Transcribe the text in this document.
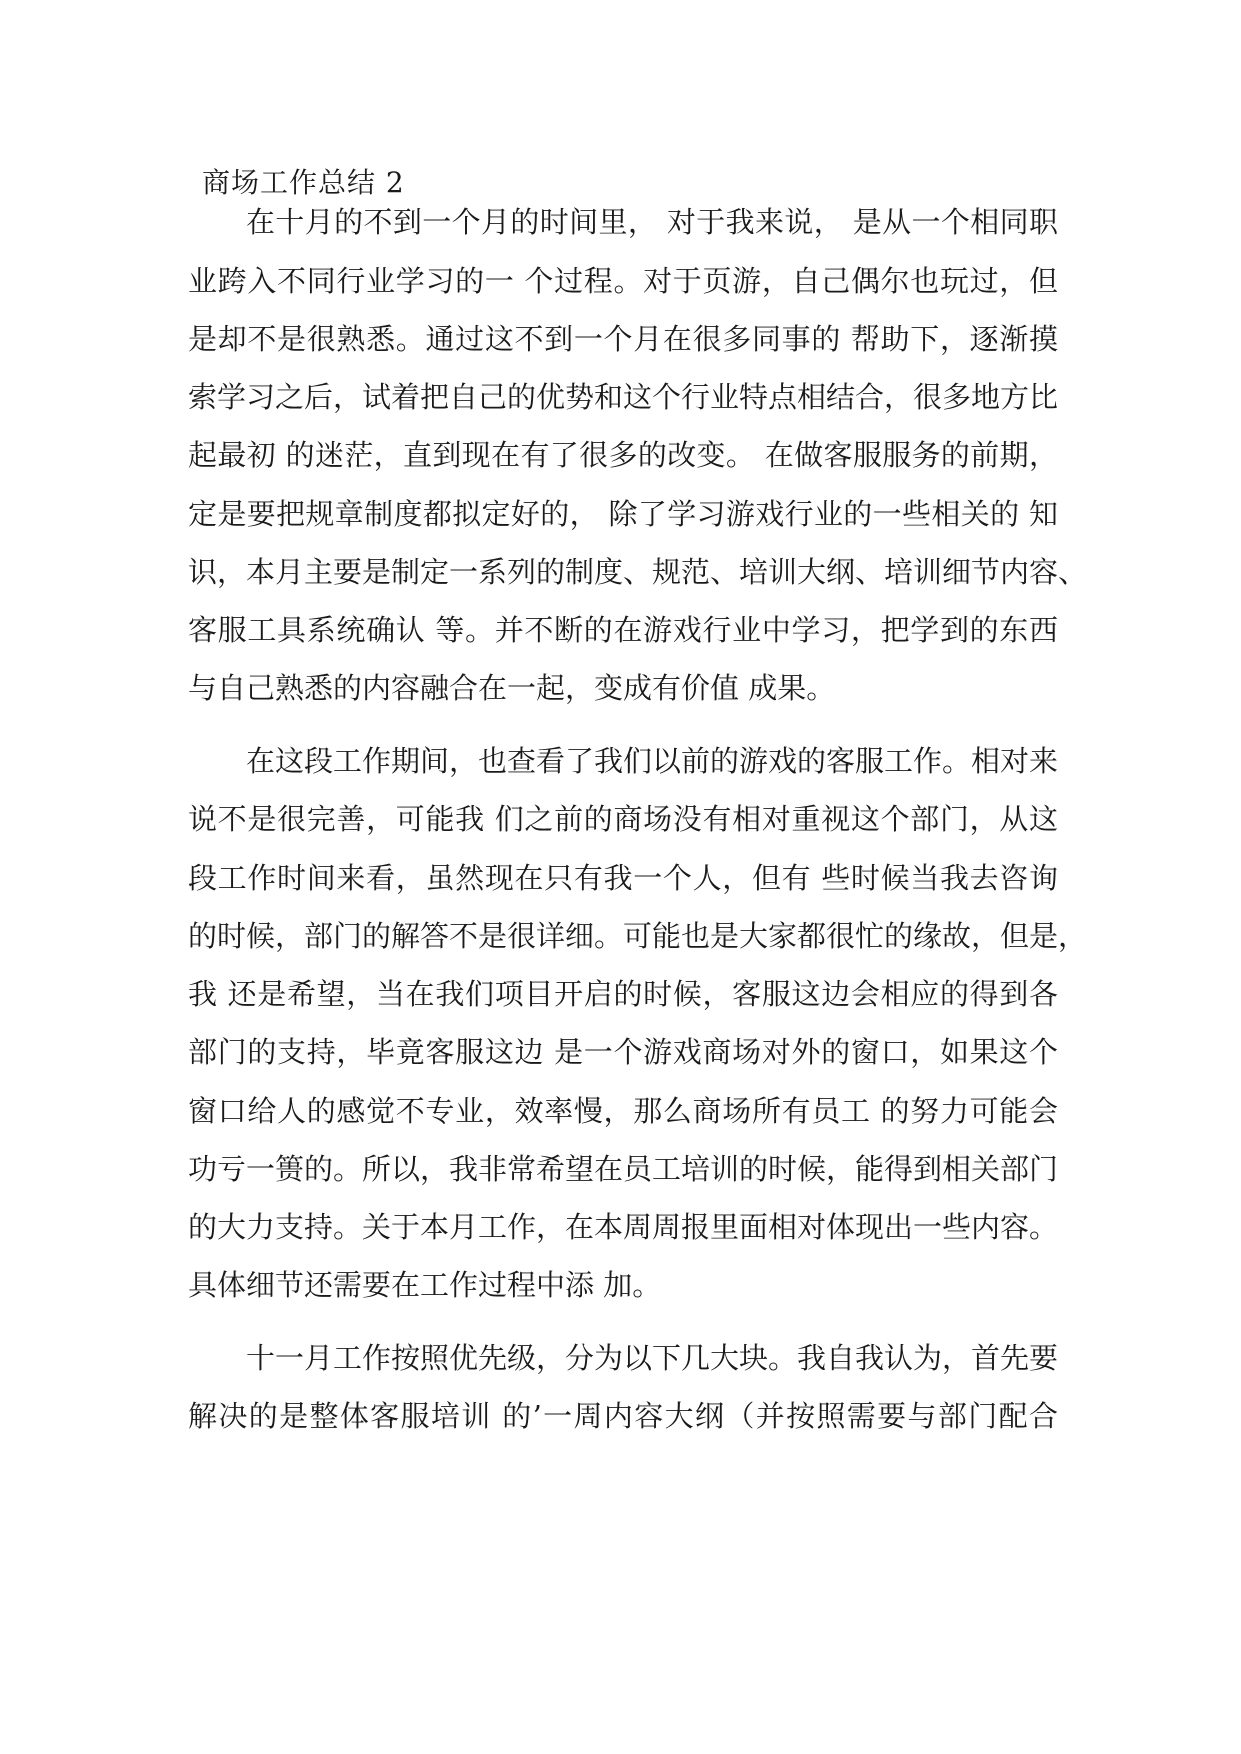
商场工作总结 2
在十月的不到一个月的时间里， 对于我来说， 是从一个相同职
业跨入不同行业学习的一 个过程。对于页游，自己偶尔也玩过，但
是却不是很熟悉。通过这不到一个月在很多同事的 帮助下，逐渐摸
索学习之后，试着把自己的优势和这个行业特点相结合，很多地方比
起最初 的迷茫，直到现在有了很多的改变。 在做客服服务的前期，
定是要把规章制度都拟定好的， 除了学习游戏行业的一些相关的 知
识，本月主要是制定一系列的制度、规范、培训大纲、培训细节内容、
客服工具系统确认 等。并不断的在游戏行业中学习，把学到的东西
与自己熟悉的内容融合在一起，变成有价值 成果。
在这段工作期间，也查看了我们以前的游戏的客服工作。相对来
说不是很完善，可能我 们之前的商场没有相对重视这个部门，从这
段工作时间来看，虽然现在只有我一个人，但有 些时候当我去咨询
的时候，部门的解答不是很详细。可能也是大家都很忙的缘故，但是，
我 还是希望，当在我们项目开启的时候，客服这边会相应的得到各
部门的支持，毕竟客服这边 是一个游戏商场对外的窗口，如果这个
窗口给人的感觉不专业，效率慢，那么商场所有员工 的努力可能会
功亏一篑的。所以，我非常希望在员工培训的时候，能得到相关部门
的大力支持。关于本月工作，在本周周报里面相对体现出一些内容。
具体细节还需要在工作过程中添 加。
十一月工作按照优先级，分为以下几大块。我自我认为，首先要
解决的是整体客服培训 的’一周内容大纲（并按照需要与部门配合
